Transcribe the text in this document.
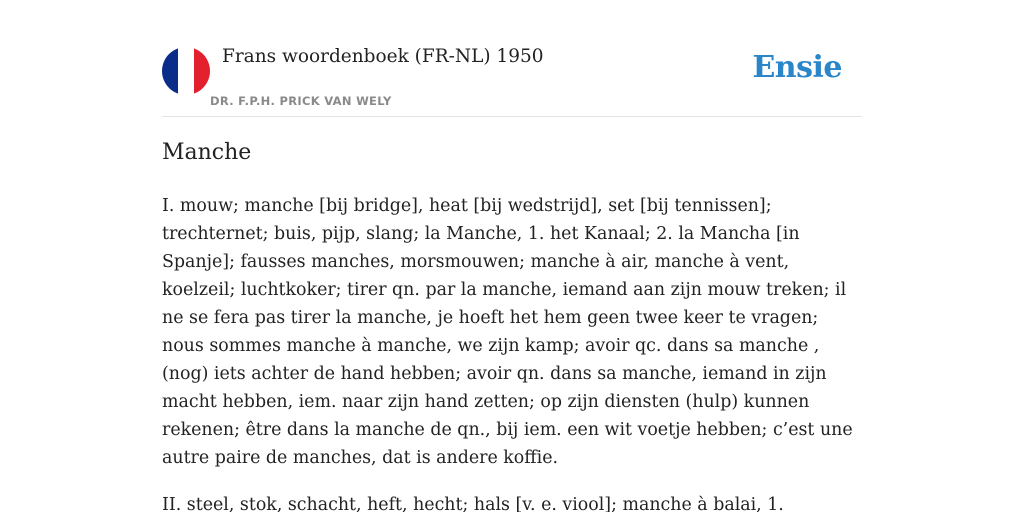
Frans woordenboek (FR-NL) 1950
DR. F.P.H. PRICK VAN WELY
Ensie
Manche

I. mouw; manche [bij bridge], heat [bij wedstrijd], set [bij tennissen]; trechternet; buis, pijp, slang; la Manche, 1. het Kanaal; 2. la Mancha [in Spanje]; fausses manches, morsmouwen; manche à air, manche à vent, koelzeil; luchtkoker; tirer qn. par la manche, iemand aan zijn mouw treken; il ne se fera pas tirer la manche, je hoeft het hem geen twee keer te vragen; nous sommes manche à manche, we zijn kamp; avoir qc. dans sa manche , (nog) iets achter de hand hebben; avoir qn. dans sa manche, iemand in zijn macht hebben, iem. naar zijn hand zetten; op zijn diensten (hulp) kunnen rekenen; être dans la manche de qn., bij iem. een wit voetje hebben; c’est une autre paire de manches, dat is andere koffie.

II. steel, stok, schacht, heft, hecht; hals [v. e. viool]; manche à balai, 1.
